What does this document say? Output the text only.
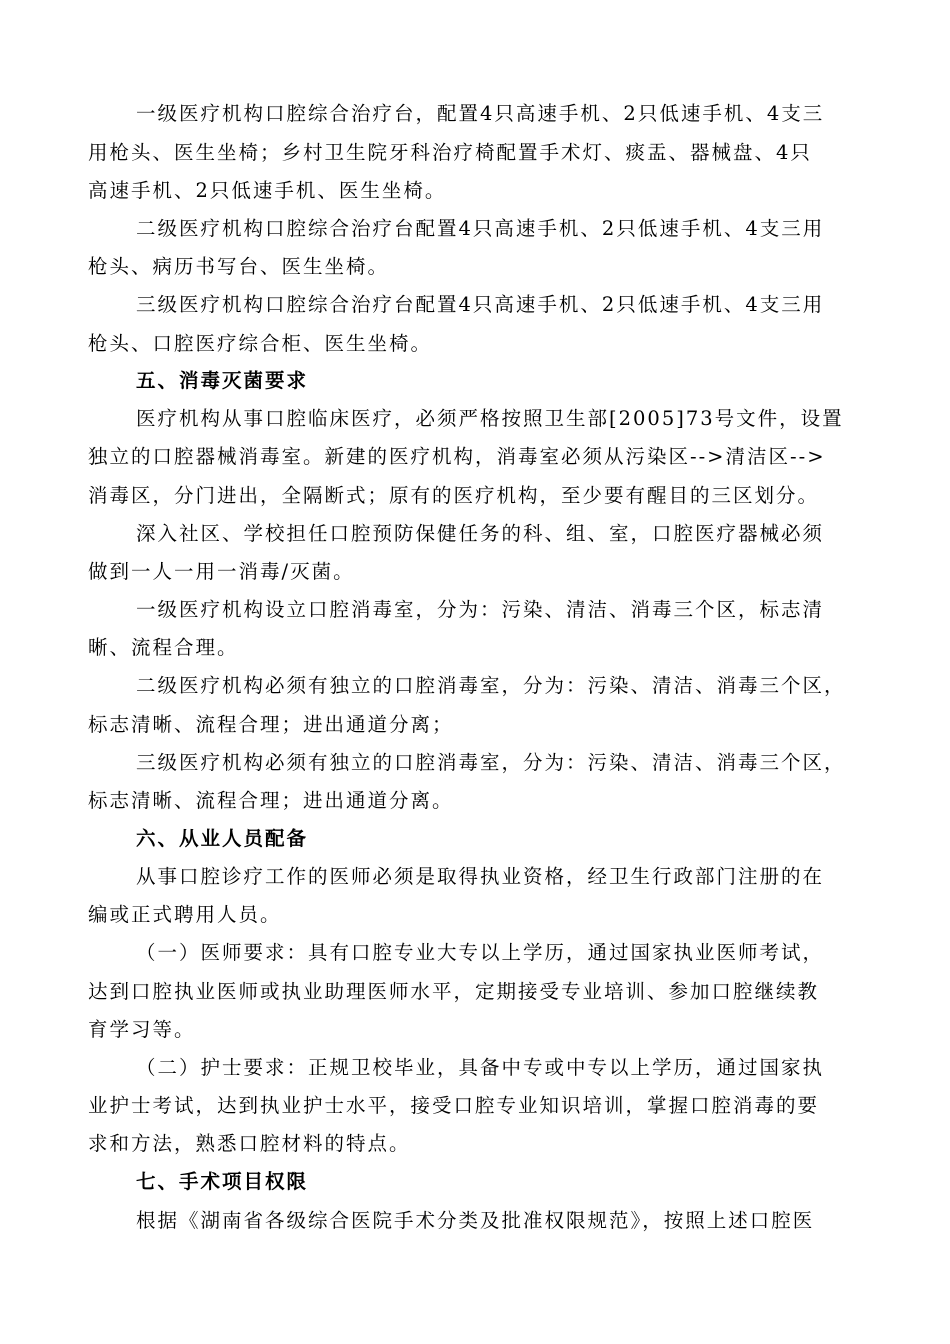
一级医疗机构口腔综合治疗台，配置4只高速手机、2只低速手机、4支三
用枪头、医生坐椅；乡村卫生院牙科治疗椅配置手术灯、痰盂、器械盘、4只
高速手机、2只低速手机、医生坐椅。
二级医疗机构口腔综合治疗台配置4只高速手机、2只低速手机、4支三用
枪头、病历书写台、医生坐椅。
三级医疗机构口腔综合治疗台配置4只高速手机、2只低速手机、4支三用
枪头、口腔医疗综合柜、医生坐椅。
五、消毒灭菌要求
医疗机构从事口腔临床医疗，必须严格按照卫生部[2005]73号文件，设置
独立的口腔器械消毒室。新建的医疗机构，消毒室必须从污染区-->清洁区-->
消毒区，分门进出，全隔断式；原有的医疗机构，至少要有醒目的三区划分。
深入社区、学校担任口腔预防保健任务的科、组、室，口腔医疗器械必须
做到一人一用一消毒/灭菌。
一级医疗机构设立口腔消毒室，分为：污染、清洁、消毒三个区，标志清
晰、流程合理。
二级医疗机构必须有独立的口腔消毒室，分为：污染、清洁、消毒三个区，
标志清晰、流程合理；进出通道分离；
三级医疗机构必须有独立的口腔消毒室，分为：污染、清洁、消毒三个区，
标志清晰、流程合理；进出通道分离。
六、从业人员配备
从事口腔诊疗工作的医师必须是取得执业资格，经卫生行政部门注册的在
编或正式聘用人员。
（一）医师要求：具有口腔专业大专以上学历，通过国家执业医师考试，
达到口腔执业医师或执业助理医师水平，定期接受专业培训、参加口腔继续教
育学习等。
（二）护士要求：正规卫校毕业，具备中专或中专以上学历，通过国家执
业护士考试，达到执业护士水平，接受口腔专业知识培训，掌握口腔消毒的要
求和方法，熟悉口腔材料的特点。
七、手术项目权限
根据《湖南省各级综合医院手术分类及批准权限规范》，按照上述口腔医
